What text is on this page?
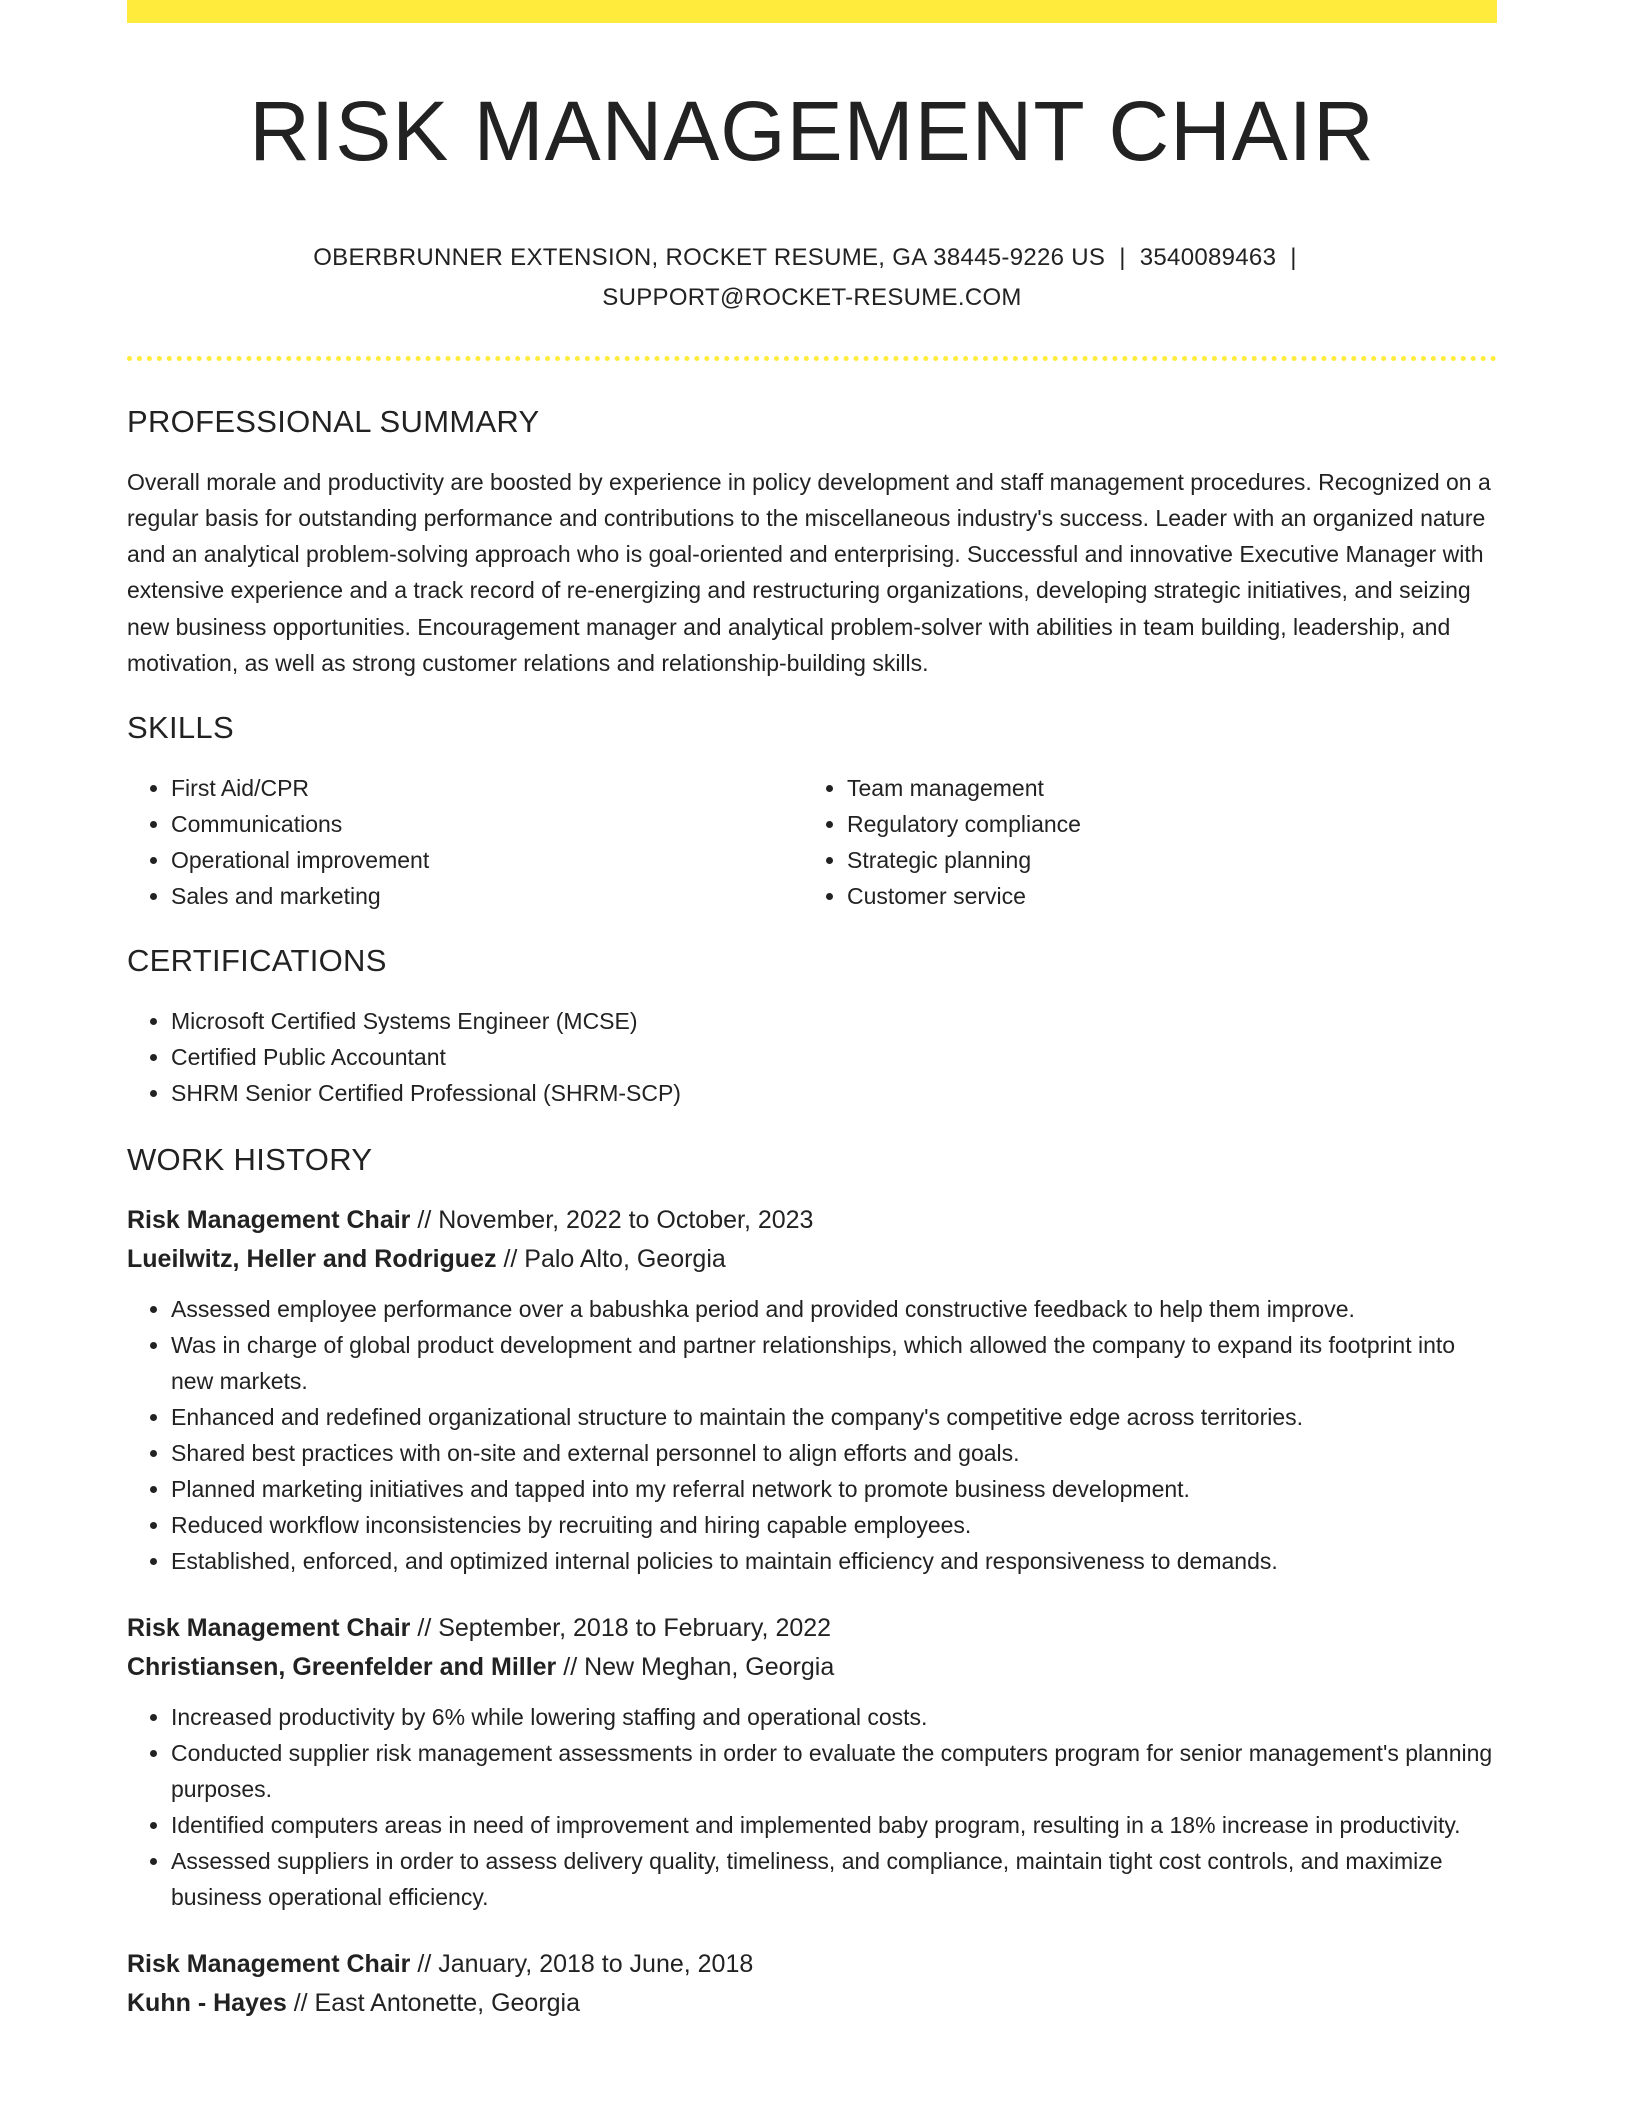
RISK MANAGEMENT CHAIR
OBERBRUNNER EXTENSION, ROCKET RESUME, GA 38445-9226 US | 3540089463 |
SUPPORT@ROCKET-RESUME.COM
PROFESSIONAL SUMMARY
Overall morale and productivity are boosted by experience in policy development and staff management procedures. Recognized on a regular basis for outstanding performance and contributions to the miscellaneous industry's success. Leader with an organized nature and an analytical problem-solving approach who is goal-oriented and enterprising. Successful and innovative Executive Manager with extensive experience and a track record of re-energizing and restructuring organizations, developing strategic initiatives, and seizing new business opportunities. Encouragement manager and analytical problem-solver with abilities in team building, leadership, and motivation, as well as strong customer relations and relationship-building skills.
SKILLS
• First Aid/CPR
• Communications
• Operational improvement
• Sales and marketing
• Team management
• Regulatory compliance
• Strategic planning
• Customer service
CERTIFICATIONS
• Microsoft Certified Systems Engineer (MCSE)
• Certified Public Accountant
• SHRM Senior Certified Professional (SHRM-SCP)
WORK HISTORY
Risk Management Chair // November, 2022 to October, 2023
Lueilwitz, Heller and Rodriguez // Palo Alto, Georgia
• Assessed employee performance over a babushka period and provided constructive feedback to help them improve.
• Was in charge of global product development and partner relationships, which allowed the company to expand its footprint into new markets.
• Enhanced and redefined organizational structure to maintain the company's competitive edge across territories.
• Shared best practices with on-site and external personnel to align efforts and goals.
• Planned marketing initiatives and tapped into my referral network to promote business development.
• Reduced workflow inconsistencies by recruiting and hiring capable employees.
• Established, enforced, and optimized internal policies to maintain efficiency and responsiveness to demands.
Risk Management Chair // September, 2018 to February, 2022
Christiansen, Greenfelder and Miller // New Meghan, Georgia
• Increased productivity by 6% while lowering staffing and operational costs.
• Conducted supplier risk management assessments in order to evaluate the computers program for senior management's planning purposes.
• Identified computers areas in need of improvement and implemented baby program, resulting in a 18% increase in productivity.
• Assessed suppliers in order to assess delivery quality, timeliness, and compliance, maintain tight cost controls, and maximize business operational efficiency.
Risk Management Chair // January, 2018 to June, 2018
Kuhn - Hayes // East Antonette, Georgia
